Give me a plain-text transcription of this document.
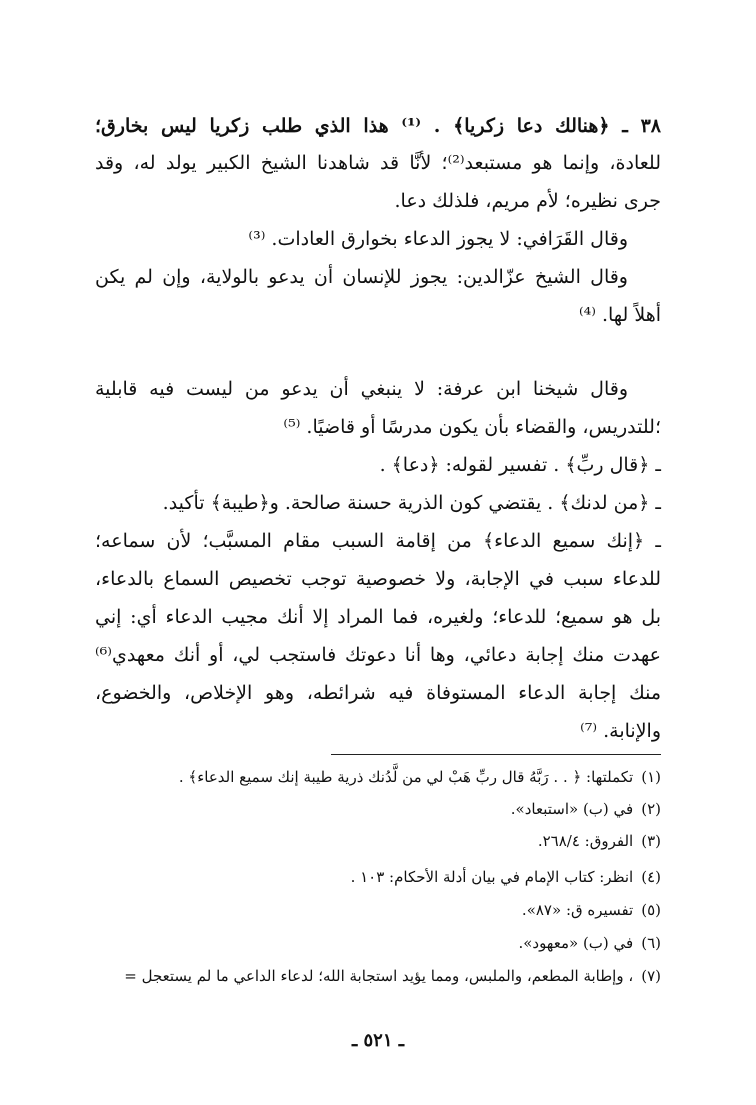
٣٨ ـ ﴿هنالك دعا زكريا﴾ . ⁽¹⁾ هذا الذي طلب زكريا ليس بخارق؛
للعادة، وإنما هو مستبعد⁽²⁾؛ لأنَّا قد شاهدنا الشيخ الكبير يولد له، وقد
جرى نظيره؛ لأم مريم، فلذلك دعا.
وقال القَرَافي: لا يجوز الدعاء بخوارق العادات. ⁽³⁾
وقال الشيخ عزّالدين: يجوز للإنسان أن يدعو بالولاية، وإن لم يكن
أهلاً لها. ⁽⁴⁾
وقال شيخنا ابن عرفة: لا ينبغي أن يدعو من ليست فيه قابلية
؛للتدريس، والقضاء بأن يكون مدرسًا أو قاضيًا. ⁽⁵⁾
ـ ﴿قال ربِّ﴾ . تفسير لقوله: ﴿دعا﴾ .
ـ ﴿من لدنك﴾ . يقتضي كون الذرية حسنة صالحة. و﴿طيبة﴾ تأكيد.
ـ ﴿إنك سميع الدعاء﴾ من إقامة السبب مقام المسبَّب؛ لأن سماعه؛
للدعاء سبب في الإجابة، ولا خصوصية توجب تخصيص السماع بالدعاء،
بل هو سميع؛ للدعاء؛ ولغيره، فما المراد إلا أنك مجيب الدعاء أي: إني
عهدت منك إجابة دعائي، وها أنا دعوتك فاستجب لي، أو أنك معهدي⁽⁶⁾
منك إجابة الدعاء المستوفاة فيه شرائطه، وهو الإخلاص، والخضوع،
والإنابة. ⁽⁷⁾
(١)تكملتها: ﴿ . . رَبَّهُ قال ربِّ هَبْ لي من لَّدُنك ذرية طيبة إنك سميع الدعاء﴾ .
(٢)في (ب) «استبعاد».
(٣)الفروق: ٢٦٨/٤.
(٤)انظر: كتاب الإمام في بيان أدلة الأحكام: ١٠٣ .
(٥)تفسيره ق: «٨٧».
(٦)في (ب) «معهود».
(٧)، وإطابة المطعم، والملبس، ومما يؤيد استجابة الله؛ لدعاء الداعي ما لم يستعجل =
ـ ٥٢١ ـ
